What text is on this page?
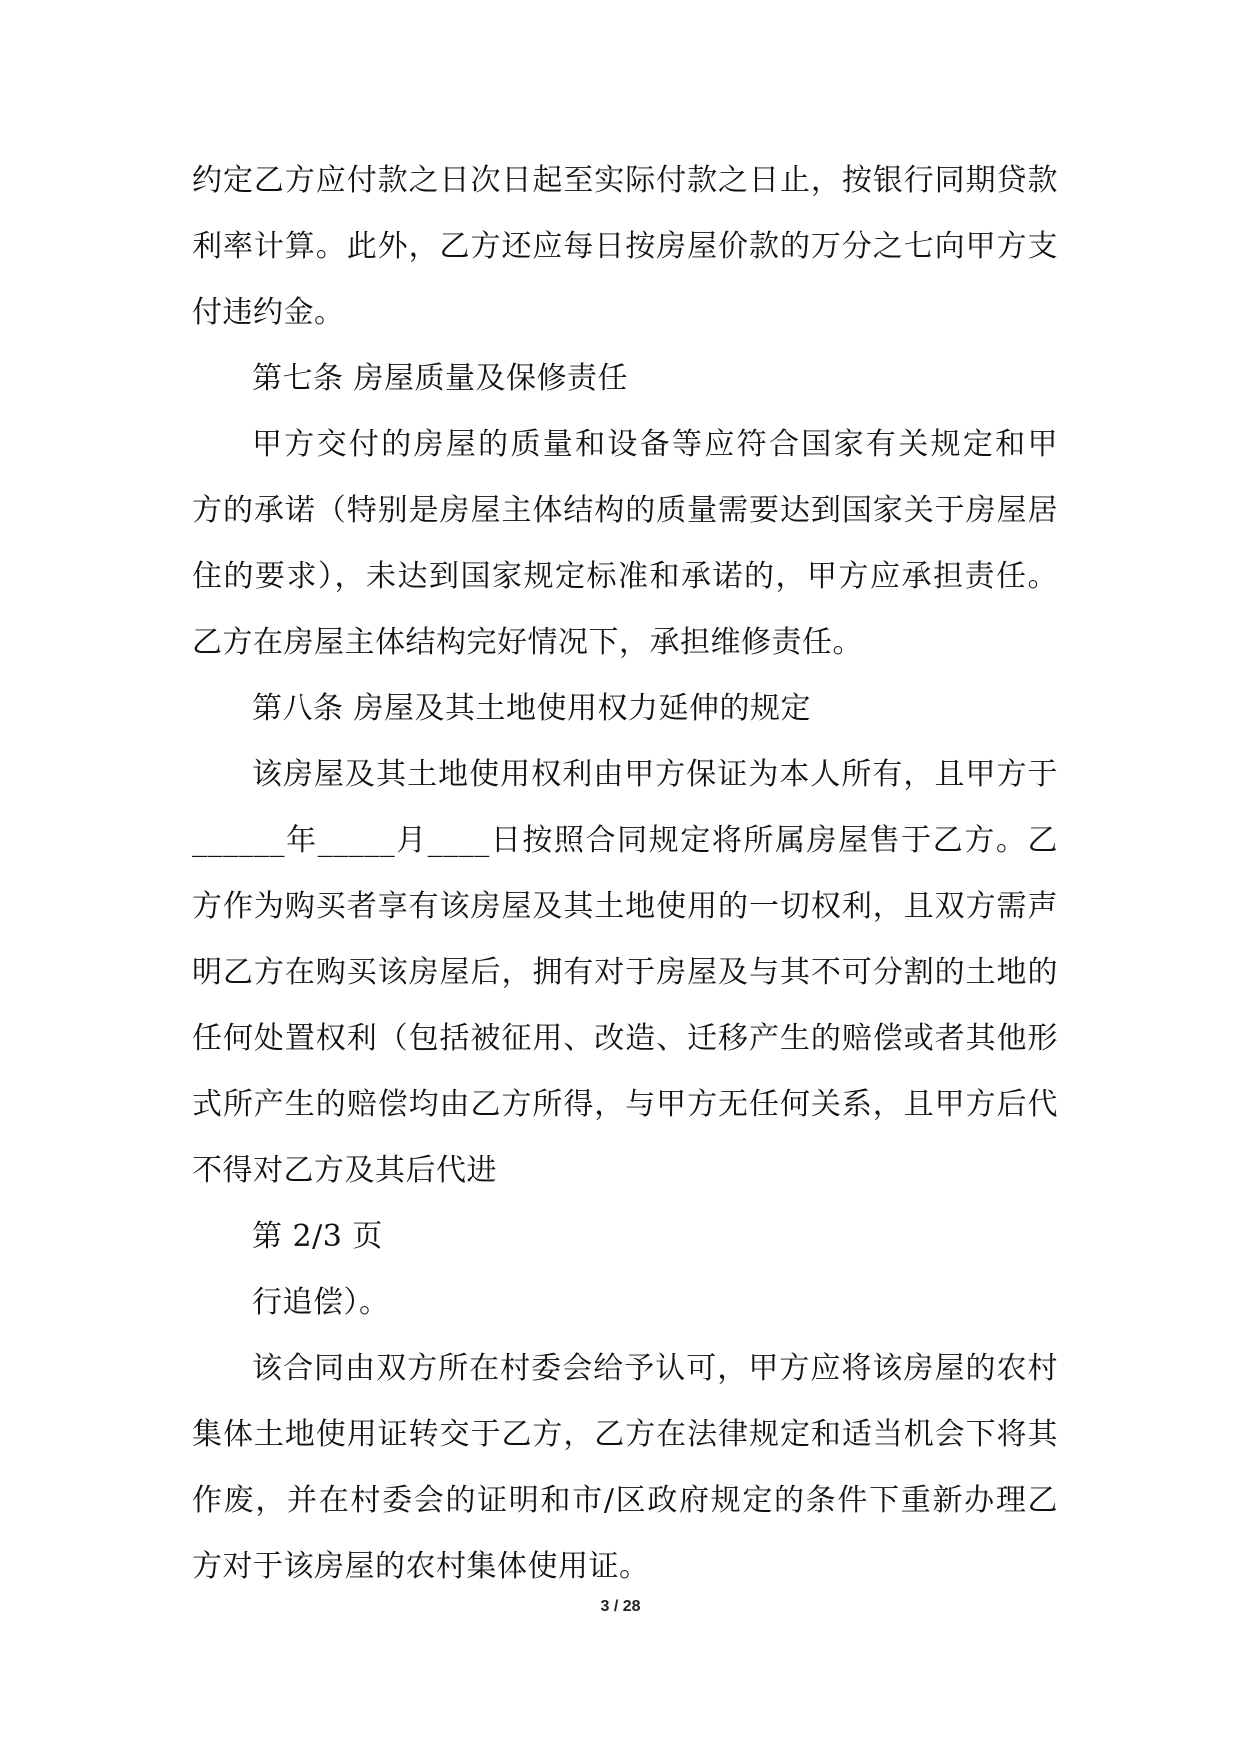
约定乙方应付款之日次日起至实际付款之日止，按银行同期贷款
利率计算。此外，乙方还应每日按房屋价款的万分之七向甲方支
付违约金。
第七条 房屋质量及保修责任
甲方交付的房屋的质量和设备等应符合国家有关规定和甲
方的承诺（特别是房屋主体结构的质量需要达到国家关于房屋居
住的要求），未达到国家规定标准和承诺的，甲方应承担责任。
乙方在房屋主体结构完好情况下，承担维修责任。
第八条 房屋及其土地使用权力延伸的规定
该房屋及其土地使用权利由甲方保证为本人所有，且甲方于
______年_____月____日按照合同规定将所属房屋售于乙方。乙
方作为购买者享有该房屋及其土地使用的一切权利，且双方需声
明乙方在购买该房屋后，拥有对于房屋及与其不可分割的土地的
任何处置权利（包括被征用、改造、迁移产生的赔偿或者其他形
式所产生的赔偿均由乙方所得，与甲方无任何关系，且甲方后代
不得对乙方及其后代进
第 2/3 页
行追偿）。
该合同由双方所在村委会给予认可，甲方应将该房屋的农村
集体土地使用证转交于乙方，乙方在法律规定和适当机会下将其
作废，并在村委会的证明和市/区政府规定的条件下重新办理乙
方对于该房屋的农村集体使用证。
3 / 28
